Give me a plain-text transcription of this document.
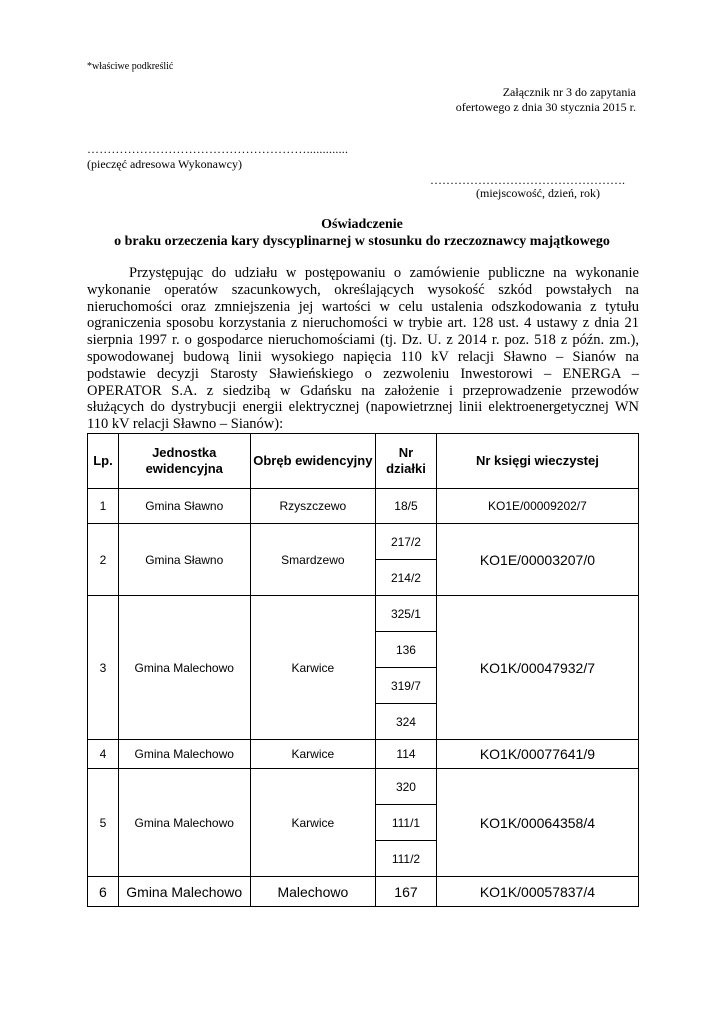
*właściwe podkreślić
Załącznik nr 3 do zapytania
ofertowego z dnia 30 stycznia 2015 r.
……………………………………………….............
(pieczęć adresowa Wykonawcy)
………………………………………….
(miejscowość, dzień, rok)
Oświadczenie
o braku orzeczenia kary dyscyplinarnej w stosunku do rzeczoznawcy majątkowego

Przystępując do udziału w postępowaniu o zamówienie publiczne na wykonanie wykonanie operatów szacunkowych, określających wysokość szkód powstałych na nieruchomości oraz zmniejszenia jej wartości w celu ustalenia odszkodowania z tytułu ograniczenia sposobu korzystania z nieruchomości w trybie art. 128 ust. 4 ustawy z dnia 21 sierpnia 1997 r. o gospodarce nieruchomościami (tj. Dz. U. z 2014 r. poz. 518 z późn. zm.), spowodowanej budową linii wysokiego napięcia 110 kV relacji Sławno – Sianów na podstawie decyzji Starosty Sławieńskiego o zezwoleniu Inwestorowi – ENERGA – OPERATOR S.A. z siedzibą w Gdańsku na założenie i przeprowadzenie przewodów służących do dystrybucji energii elektrycznej (napowietrznej linii elektroenergetycznej WN 110 kV relacji Sławno – Sianów):

Lp.	Jednostka ewidencyjna	Obręb ewidencyjny	Nr działki	Nr księgi wieczystej
1	Gmina Sławno	Rzyszczewo	18/5	KO1E/00009202/7
2	Gmina Sławno	Smardzewo	217/2	KO1E/00003207/0
			214/2	
3	Gmina Malechowo	Karwice	325/1	KO1K/00047932/7
			136	
			319/7	
			324	
4	Gmina Malechowo	Karwice	114	KO1K/00077641/9
5	Gmina Malechowo	Karwice	320	KO1K/00064358/4
			111/1	
			111/2	
6	Gmina Malechowo	Malechowo	167	KO1K/00057837/4
